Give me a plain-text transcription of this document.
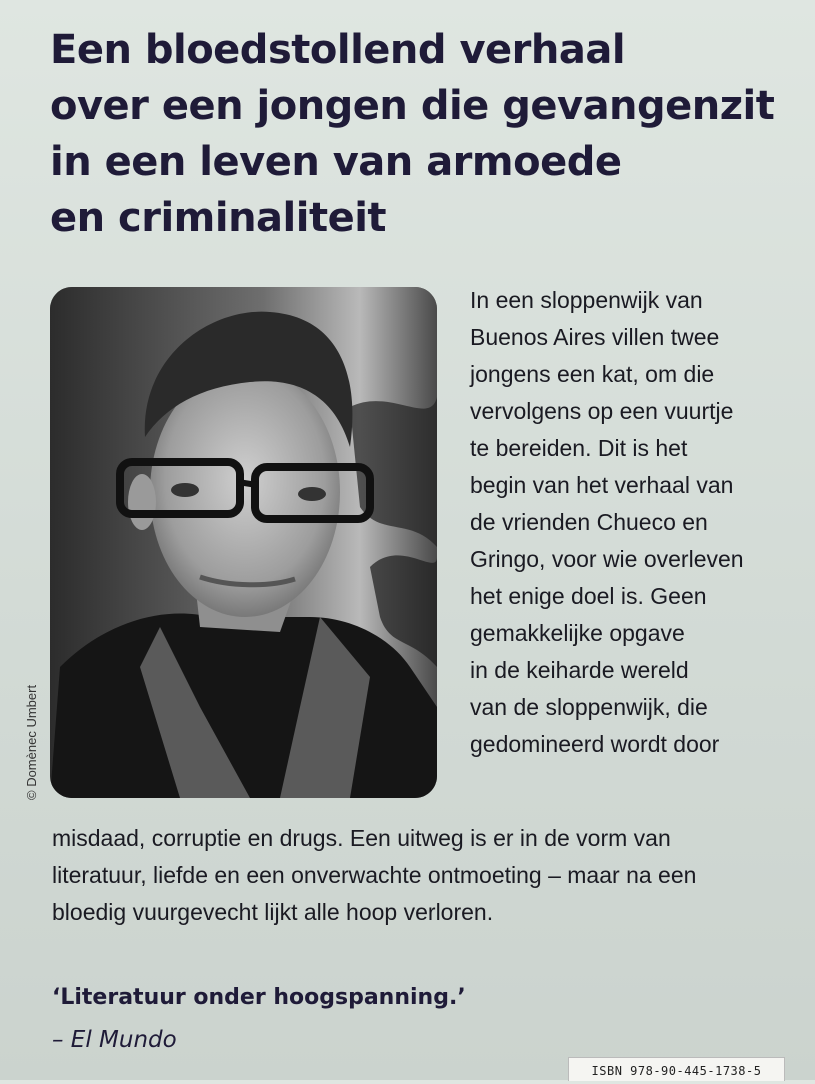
Een bloedstollend verhaal
over een jongen die gevangenzit
in een leven van armoede
en criminaliteit
© Domènec Umbert

In een sloppenwijk van
Buenos Aires villen twee
jongens een kat, om die
vervolgens op een vuurtje
te bereiden. Dit is het
begin van het verhaal van
de vrienden Chueco en
Gringo, voor wie overleven
het enige doel is. Geen
gemakkelijke opgave
in de keiharde wereld
van de sloppenwijk, die
gedomineerd wordt door

misdaad, corruptie en drugs. Een uitweg is er in de vorm van
literatuur, liefde en een onverwachte ontmoeting – maar na een
bloedig vuurgevecht lijkt alle hoop verloren.

‘Literatuur onder hoogspanning.’

– El Mundo

ISBN 978-90-445-1738-5
